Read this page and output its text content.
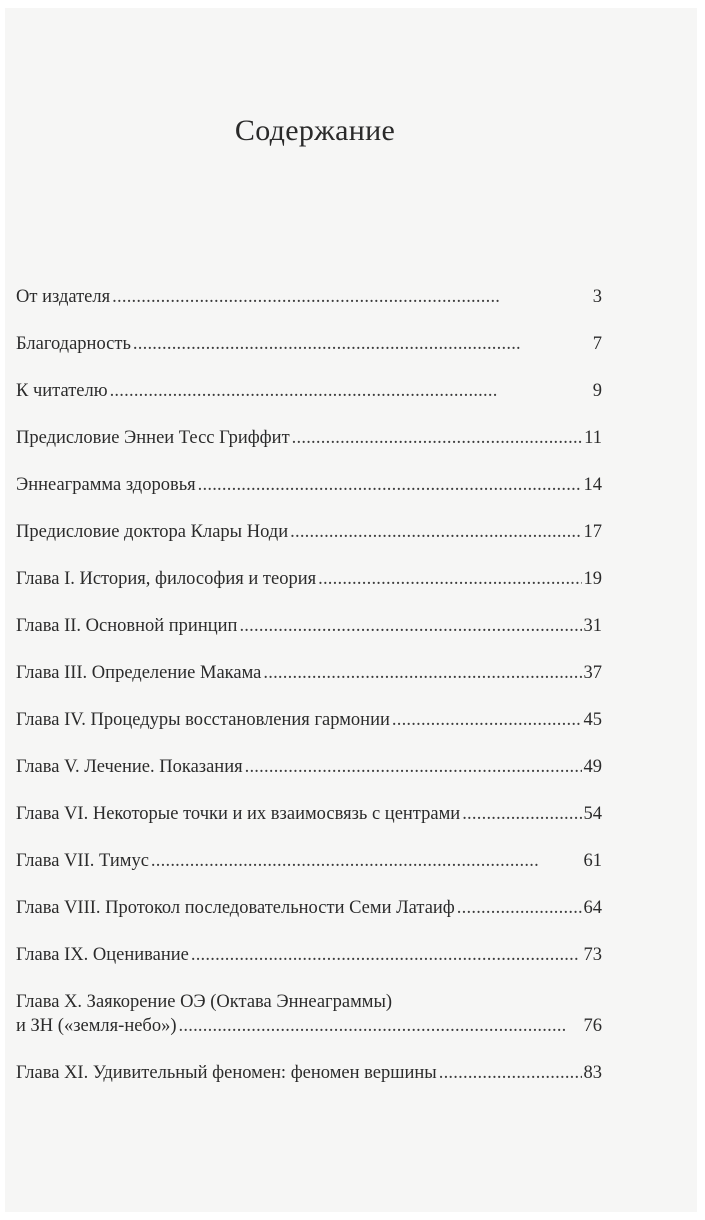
Содержание
От издателя . . .	3
Благодарность . . .	7
К читателю . . .	9
Предисловие Эннеи Тесс Гриффит . . .	11
Эннеаграмма здоровья . . .	14
Предисловие доктора Клары Ноди . . .	17
Глава I. История, философия и теория . . .	19
Глава II. Основной принцип . . .	31
Глава III. Определение Макама . . .	37
Глава IV. Процедуры восстановления гармонии . . .	45
Глава V. Лечение. Показания . . .	49
Глава VI. Некоторые точки и их взаимосвязь с центрами . . .	54
Глава VII. Тимус . . .	61
Глава VIII. Протокол последовательности Семи Латаиф . . .	64
Глава IX. Оценивание . . .	73
Глава X. Заякорение ОЭ (Октава Эннеаграммы)
и ЗН («земля-небо») . . .	76
Глава XI. Удивительный феномен: феномен вершины . . .	83
